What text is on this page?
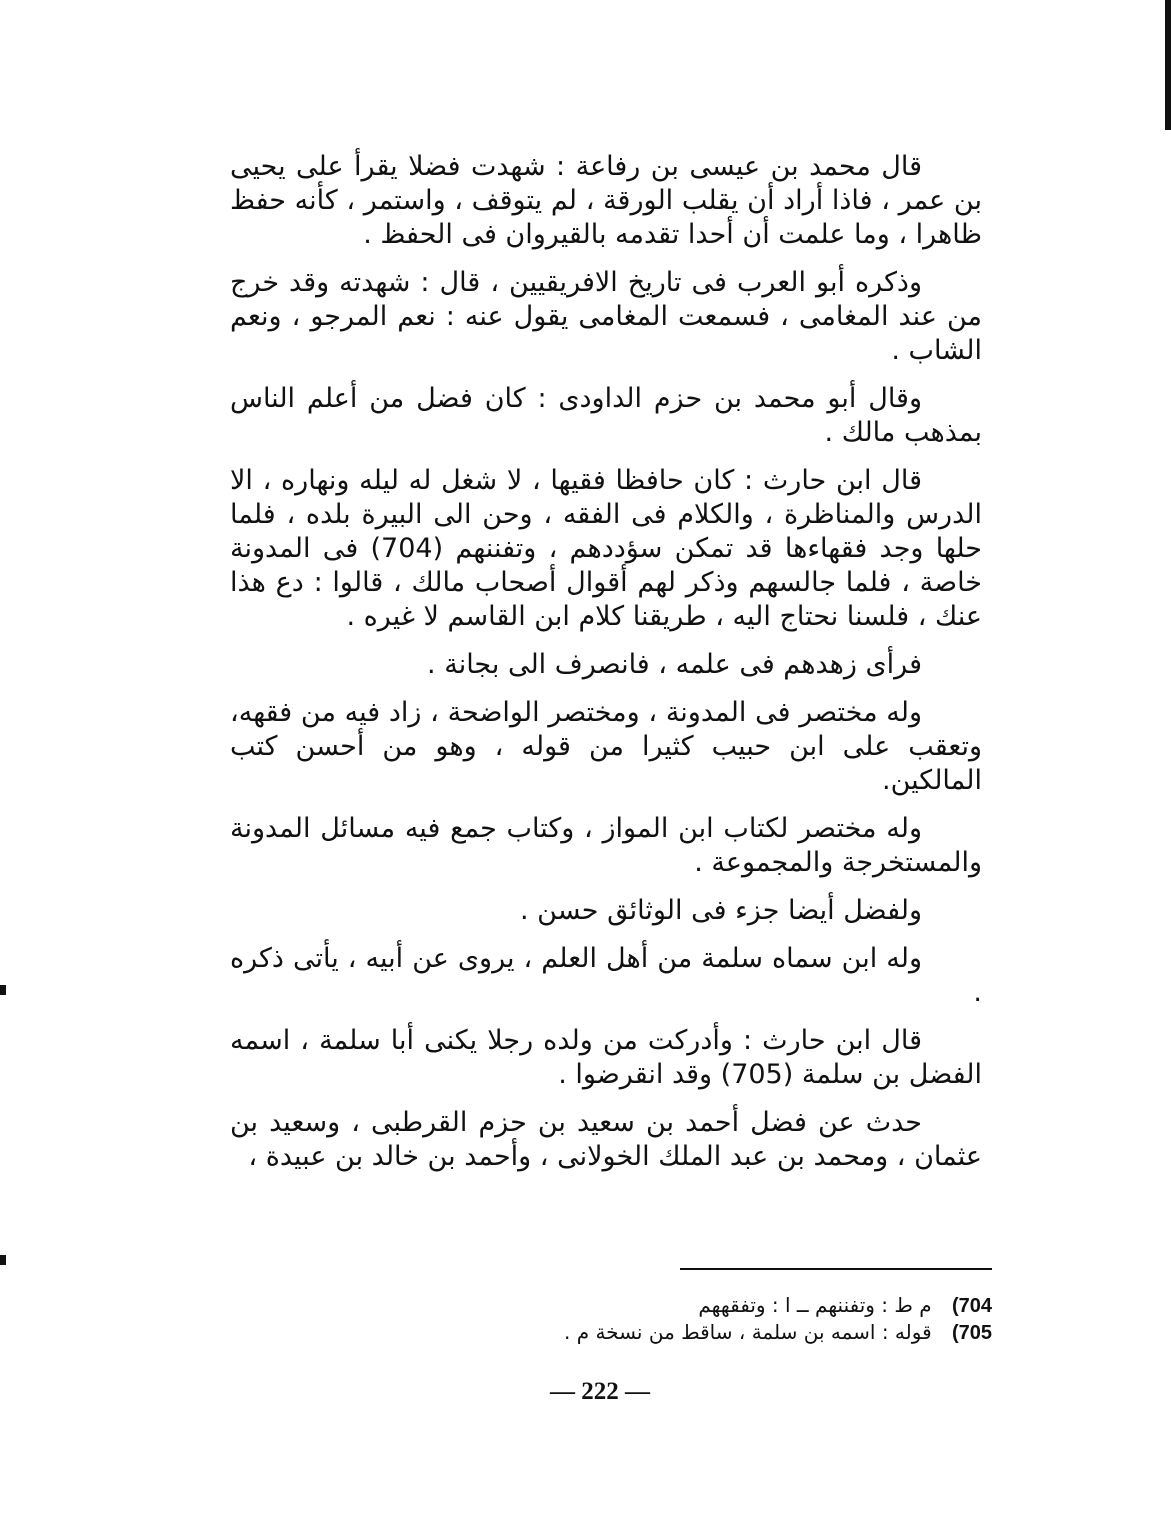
قال محمد بن عيسى بن رفاعة : شهدت فضلا يقرأ على يحيى بن عمر ، فاذا أراد أن يقلب الورقة ، لم يتوقف ، واستمر ، كأنه حفظ ظاهرا ، وما علمت أن أحدا تقدمه بالقيروان فى الحفظ .

وذكره أبو العرب فى تاريخ الافريقيين ، قال : شهدته وقد خرج من عند المغامى ، فسمعت المغامى يقول عنه : نعم المرجو ، ونعم الشاب .

وقال أبو محمد بن حزم الداودى : كان فضل من أعلم الناس بمذهب مالك .

قال ابن حارث : كان حافظا فقيها ، لا شغل له ليله ونهاره ، الا الدرس والمناظرة ، والكلام فى الفقه ، وحن الى البيرة بلده ، فلما حلها وجد فقهاءها قد تمكن سؤددهم ، وتفننهم (704) فى المدونة خاصة ، فلما جالسهم وذكر لهم أقوال أصحاب مالك ، قالوا : دع هذا عنك ، فلسنا نحتاج اليه ، طريقنا كلام ابن القاسم لا غيره .

فرأى زهدهم فى علمه ، فانصرف الى بجانة .

وله مختصر فى المدونة ، ومختصر الواضحة ، زاد فيه من فقهه، وتعقب على ابن حبيب كثيرا من قوله ، وهو من أحسن كتب المالكين.

وله مختصر لكتاب ابن المواز ، وكتاب جمع فيه مسائل المدونة والمستخرجة والمجموعة .

ولفضل أيضا جزء فى الوثائق حسن .

وله ابن سماه سلمة من أهل العلم ، يروى عن أبيه ، يأتى ذكره .

قال ابن حارث : وأدركت من ولده رجلا يكنى أبا سلمة ، اسمه الفضل بن سلمة (705) وقد انقرضوا .

حدث عن فضل أحمد بن سعيد بن حزم القرطبى ، وسعيد بن عثمان ، ومحمد بن عبد الملك الخولانى ، وأحمد بن خالد بن عبيدة ،

(704 م ط : وتفننهم ــ ا : وتفقههم

(705 قوله : اسمه بن سلمة ، ساقط من نسخة م .

— 222 —
